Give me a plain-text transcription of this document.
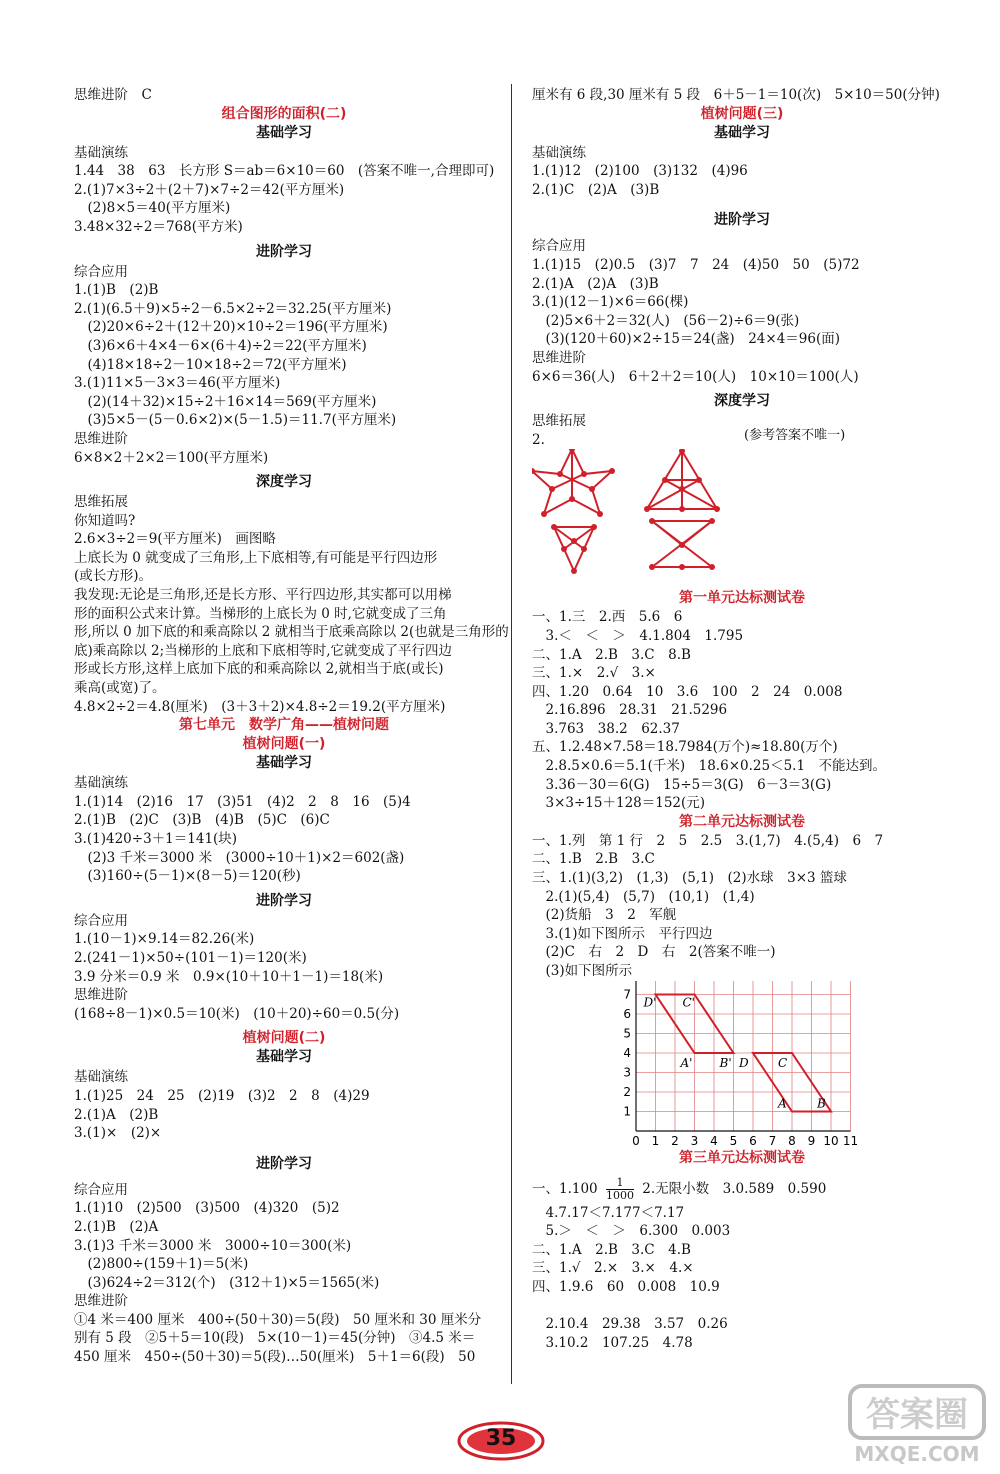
思维进阶　C
组合图形的面积(二)
基础学习
基础演练
1.44　38　63　长方形 S＝ab＝6×10＝60　(答案不唯一,合理即可)
2.(1)7×3÷2＋(2＋7)×7÷2＝42(平方厘米)
　(2)8×5＝40(平方厘米)
3.48×32÷2＝768(平方米)
进阶学习
综合应用
1.(1)B　(2)B
2.(1)(6.5＋9)×5÷2－6.5×2÷2＝32.25(平方厘米)
　(2)20×6÷2＋(12＋20)×10÷2＝196(平方厘米)
　(3)6×6＋4×4－6×(6＋4)÷2＝22(平方厘米)
　(4)18×18÷2－10×18÷2＝72(平方厘米)
3.(1)11×5－3×3＝46(平方厘米)
　(2)(14＋32)×15÷2＋16×14＝569(平方厘米)
　(3)5×5－(5－0.6×2)×(5－1.5)＝11.7(平方厘米)
思维进阶
6×8×2＋2×2＝100(平方厘米)
深度学习
思维拓展
你知道吗?
2.6×3÷2＝9(平方厘米)　画图略
上底长为 0 就变成了三角形,上下底相等,有可能是平行四边形
(或长方形)。
我发现:无论是三角形,还是长方形、平行四边形,其实都可以用梯
形的面积公式来计算。当梯形的上底长为 0 时,它就变成了三角
形,所以 0 加下底的和乘高除以 2 就相当于底乘高除以 2(也就是三角形的
底)乘高除以 2;当梯形的上底和下底相等时,它就变成了平行四边
形或长方形,这样上底加下底的和乘高除以 2,就相当于底(或长)
乘高(或宽)了。
4.8×2÷2＝4.8(厘米)　(3＋3＋2)×4.8÷2＝19.2(平方厘米)
第七单元　数学广角——植树问题
植树问题(一)
基础学习
基础演练
1.(1)14　(2)16　17　(3)51　(4)2　2　8　16　(5)4
2.(1)B　(2)C　(3)B　(4)B　(5)C　(6)C
3.(1)420÷3＋1＝141(块)
　(2)3 千米＝3000 米　(3000÷10＋1)×2＝602(盏)
　(3)160÷(5－1)×(8－5)＝120(秒)
进阶学习
综合应用
1.(10－1)×9.14＝82.26(米)
2.(241－1)×50÷(101－1)＝120(米)
3.9 分米＝0.9 米　0.9×(10＋10＋1－1)＝18(米)
思维进阶
(168÷8－1)×0.5＝10(米)　(10＋20)÷60＝0.5(分)
植树问题(二)
基础学习
基础演练
1.(1)25　24　25　(2)19　(3)2　2　8　(4)29
2.(1)A　(2)B
3.(1)×　(2)×
进阶学习
综合应用
1.(1)10　(2)500　(3)500　(4)320　(5)2
2.(1)B　(2)A
3.(1)3 千米＝3000 米　3000÷10＝300(米)
　(2)800÷(159＋1)＝5(米)
　(3)624÷2＝312(个)　(312＋1)×5＝1565(米)
思维进阶
①4 米＝400 厘米　400÷(50＋30)＝5(段)　50 厘米和 30 厘米分
别有 5 段　②5＋5＝10(段)　5×(10－1)＝45(分钟)　③4.5 米＝
450 厘米　450÷(50＋30)＝5(段)…50(厘米)　5＋1＝6(段)　50
厘米有 6 段,30 厘米有 5 段　6＋5－1＝10(次)　5×10＝50(分钟)
植树问题(三)
基础学习
基础演练
1.(1)12　(2)100　(3)132　(4)96
2.(1)C　(2)A　(3)B
进阶学习
综合应用
1.(1)15　(2)0.5　(3)7　7　24　(4)50　50　(5)72
2.(1)A　(2)A　(3)B
3.(1)(12－1)×6＝66(棵)
　(2)5×6＋2＝32(人)　(56－2)÷6＝9(张)
　(3)(120＋60)×2÷15＝24(盏)　24×4＝96(面)
思维进阶
6×6＝36(人)　6＋2＋2＝10(人)　10×10＝100(人)
深度学习
思维拓展
2.	(参考答案不唯一)
第一单元达标测试卷
一、1.三　2.西　5.6　6
　3.＜　＜　＞　4.1.804　1.795
二、1.A　2.B　3.C　8.B
三、1.×　2.√　3.×
四、1.20　0.64　10　3.6　100　2　24　0.008
　2.16.896　28.31　21.5296
　3.763　38.2　62.37
五、1.2.48×7.58＝18.7984(万个)≈18.80(万个)
　2.8.5×0.6＝5.1(千米)　18.6×0.25＜5.1　不能达到。
　3.36－30＝6(G)　15÷5＝3(G)　6－3＝3(G)
　3×3÷15＋128＝152(元)
第二单元达标测试卷
一、1.列　第 1 行　2　5　2.5　3.(1,7)　4.(5,4)　6　7
二、1.B　2.B　3.C
三、1.(1)(3,2)　(1,3)　(5,1)　(2)水球　3×3 篮球
　2.(1)(5,4)　(5,7)　(10,1)　(1,4)
　(2)货船　3　2　军舰
　3.(1)如下图所示　平行四边
　(2)C　右　2　D　右　2(答案不唯一)
　(3)如下图所示
0 1 2 3 4 5 6 7 8 9 10 11
1
2
3
4
5
6
7
D' C'
A' B' D C
A	B
第三单元达标测试卷
一、$1.100 \frac{1}{1000} 2$.无限小数　3.0.589　0.590
　4.7.17＜7.177＜7.17
　5.＞　＜　＞　6.300　0.003
二、1.A　2.B　3.C　4.B
三、1.√　2.×　3.×　4.×
四、1.9.6　60　0.008　10.9
　2.10.4　29.38　3.57　0.26
　3.10.2　107.25　4.78
35
答案圈
MXQE.COM
